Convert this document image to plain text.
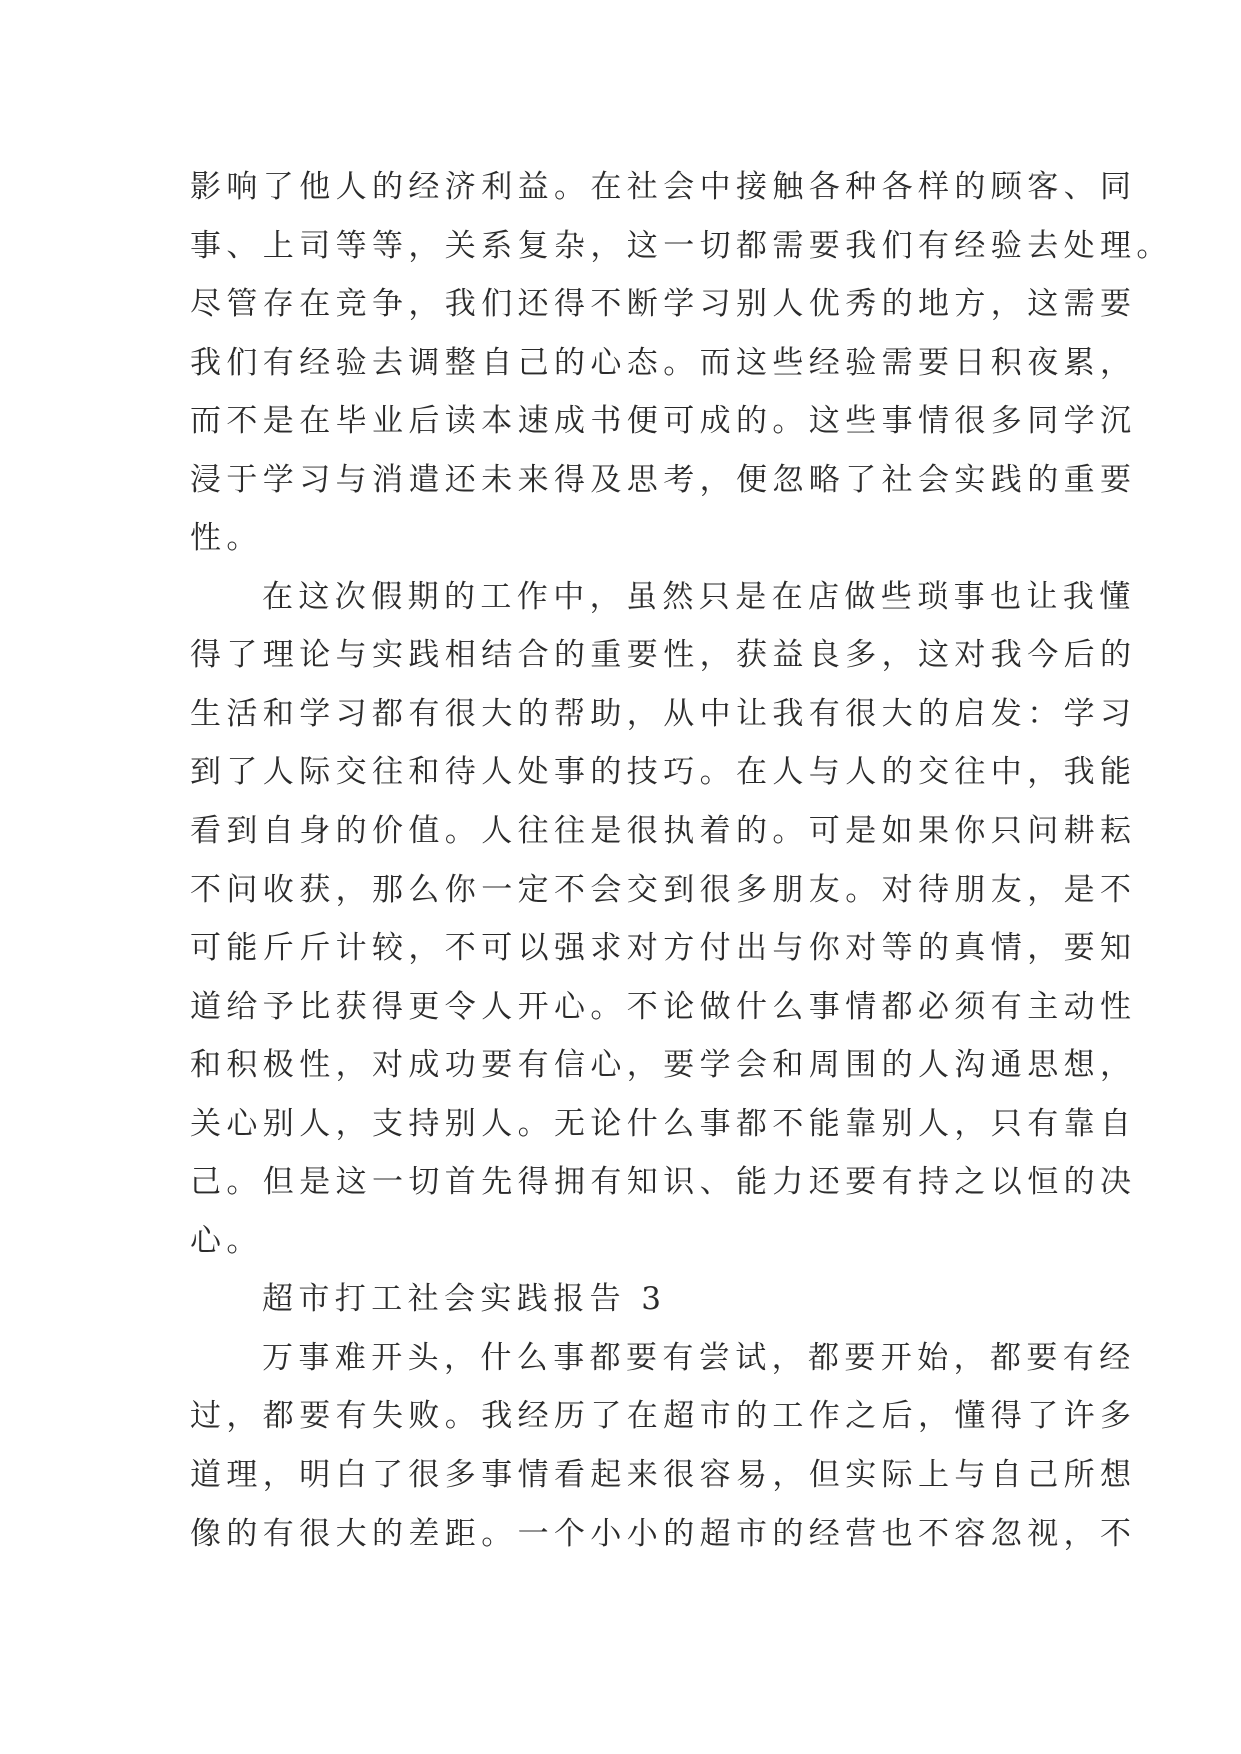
影响了他人的经济利益。在社会中接触各种各样的顾客、同
事、上司等等，关系复杂，这一切都需要我们有经验去处理。
尽管存在竞争，我们还得不断学习别人优秀的地方，这需要
我们有经验去调整自己的心态。而这些经验需要日积夜累，
而不是在毕业后读本速成书便可成的。这些事情很多同学沉
浸于学习与消遣还未来得及思考，便忽略了社会实践的重要
性。
在这次假期的工作中，虽然只是在店做些琐事也让我懂
得了理论与实践相结合的重要性，获益良多，这对我今后的
生活和学习都有很大的帮助，从中让我有很大的启发：学习
到了人际交往和待人处事的技巧。在人与人的交往中，我能
看到自身的价值。人往往是很执着的。可是如果你只问耕耘
不问收获，那么你一定不会交到很多朋友。对待朋友，是不
可能斤斤计较，不可以强求对方付出与你对等的真情，要知
道给予比获得更令人开心。不论做什么事情都必须有主动性
和积极性，对成功要有信心，要学会和周围的人沟通思想，
关心别人，支持别人。无论什么事都不能靠别人，只有靠自
己。但是这一切首先得拥有知识、能力还要有持之以恒的决
心。
超市打工社会实践报告 3
万事难开头，什么事都要有尝试，都要开始，都要有经
过，都要有失败。我经历了在超市的工作之后，懂得了许多
道理，明白了很多事情看起来很容易，但实际上与自己所想
像的有很大的差距。一个小小的超市的经营也不容忽视，不
